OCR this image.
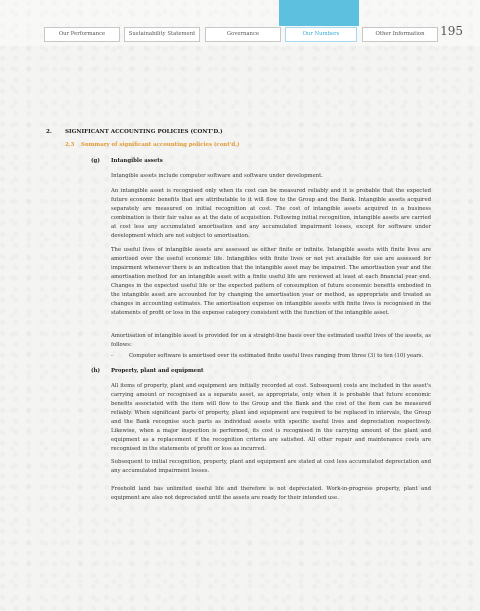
Our Performance	Sustainability Statement	Governance	Our Numbers	Other Information	195
2. SIGNIFICANT ACCOUNTING POLICIES (CONT'D.)
2.3 Summary of significant accounting policies (cont'd.)
(g) Intangible assets

Intangible assets include computer software and software under development.

An intangible asset is recognised only when its cost can be measured reliably and it is probable that the expected future economic benefits that are attributable to it will flow to the Group and the Bank. Intangible assets acquired separately are measured on initial recognition at cost. The cost of intangible assets acquired in a business combination is their fair value as at the date of acquisition. Following initial recognition, intangible assets are carried at cost less any accumulated amortisation and any accumulated impairment losses, except for software under development which are not subject to amortisation.

The useful lives of intangible assets are assessed as either finite or infinite. Intangible assets with finite lives are amortised over the useful economic life. Intangibles with finite lives or not yet available for use are assessed for impairment whenever there is an indication that the intangible asset may be impaired. The amortisation year and the amortisation method for an intangible asset with a finite useful life are reviewed at least at each financial year end. Changes in the expected useful life or the expected pattern of consumption of future economic benefits embodied in the intangible asset are accounted for by changing the amortisation year or method, as appropriate and treated as changes in accounting estimates. The amortisation expense on intangible assets with finite lives is recognised in the statements of profit or loss in the expense category consistent with the function of the intangible asset.

Amortisation of intangible asset is provided for on a straight-line basis over the estimated useful lives of the assets, as follows:

-	Computer software is amortised over its estimated finite useful lives ranging from three (3) to ten (10) years.
(h) Property, plant and equipment

All items of property, plant and equipment are initially recorded at cost. Subsequent costs are included in the asset's carrying amount or recognised as a separate asset, as appropriate, only when it is probable that future economic benefits associated with the item will flow to the Group and the Bank and the cost of the item can be measured reliably. When significant parts of property, plant and equipment are required to be replaced in intervals, the Group and the Bank recognise such parts as individual assets with specific useful lives and depreciation respectively. Likewise, when a major inspection is performed, its cost is recognised in the carrying amount of the plant and equipment as a replacement if the recognition criteria are satisfied. All other repair and maintenance costs are recognised in the statements of profit or loss as incurred.

Subsequent to initial recognition, property, plant and equipment are stated at cost less accumulated depreciation and any accumulated impairment losses.

Freehold land has unlimited useful life and therefore is not depreciated. Work-in-progress property, plant and equipment are also not depreciated until the assets are ready for their intended use.
